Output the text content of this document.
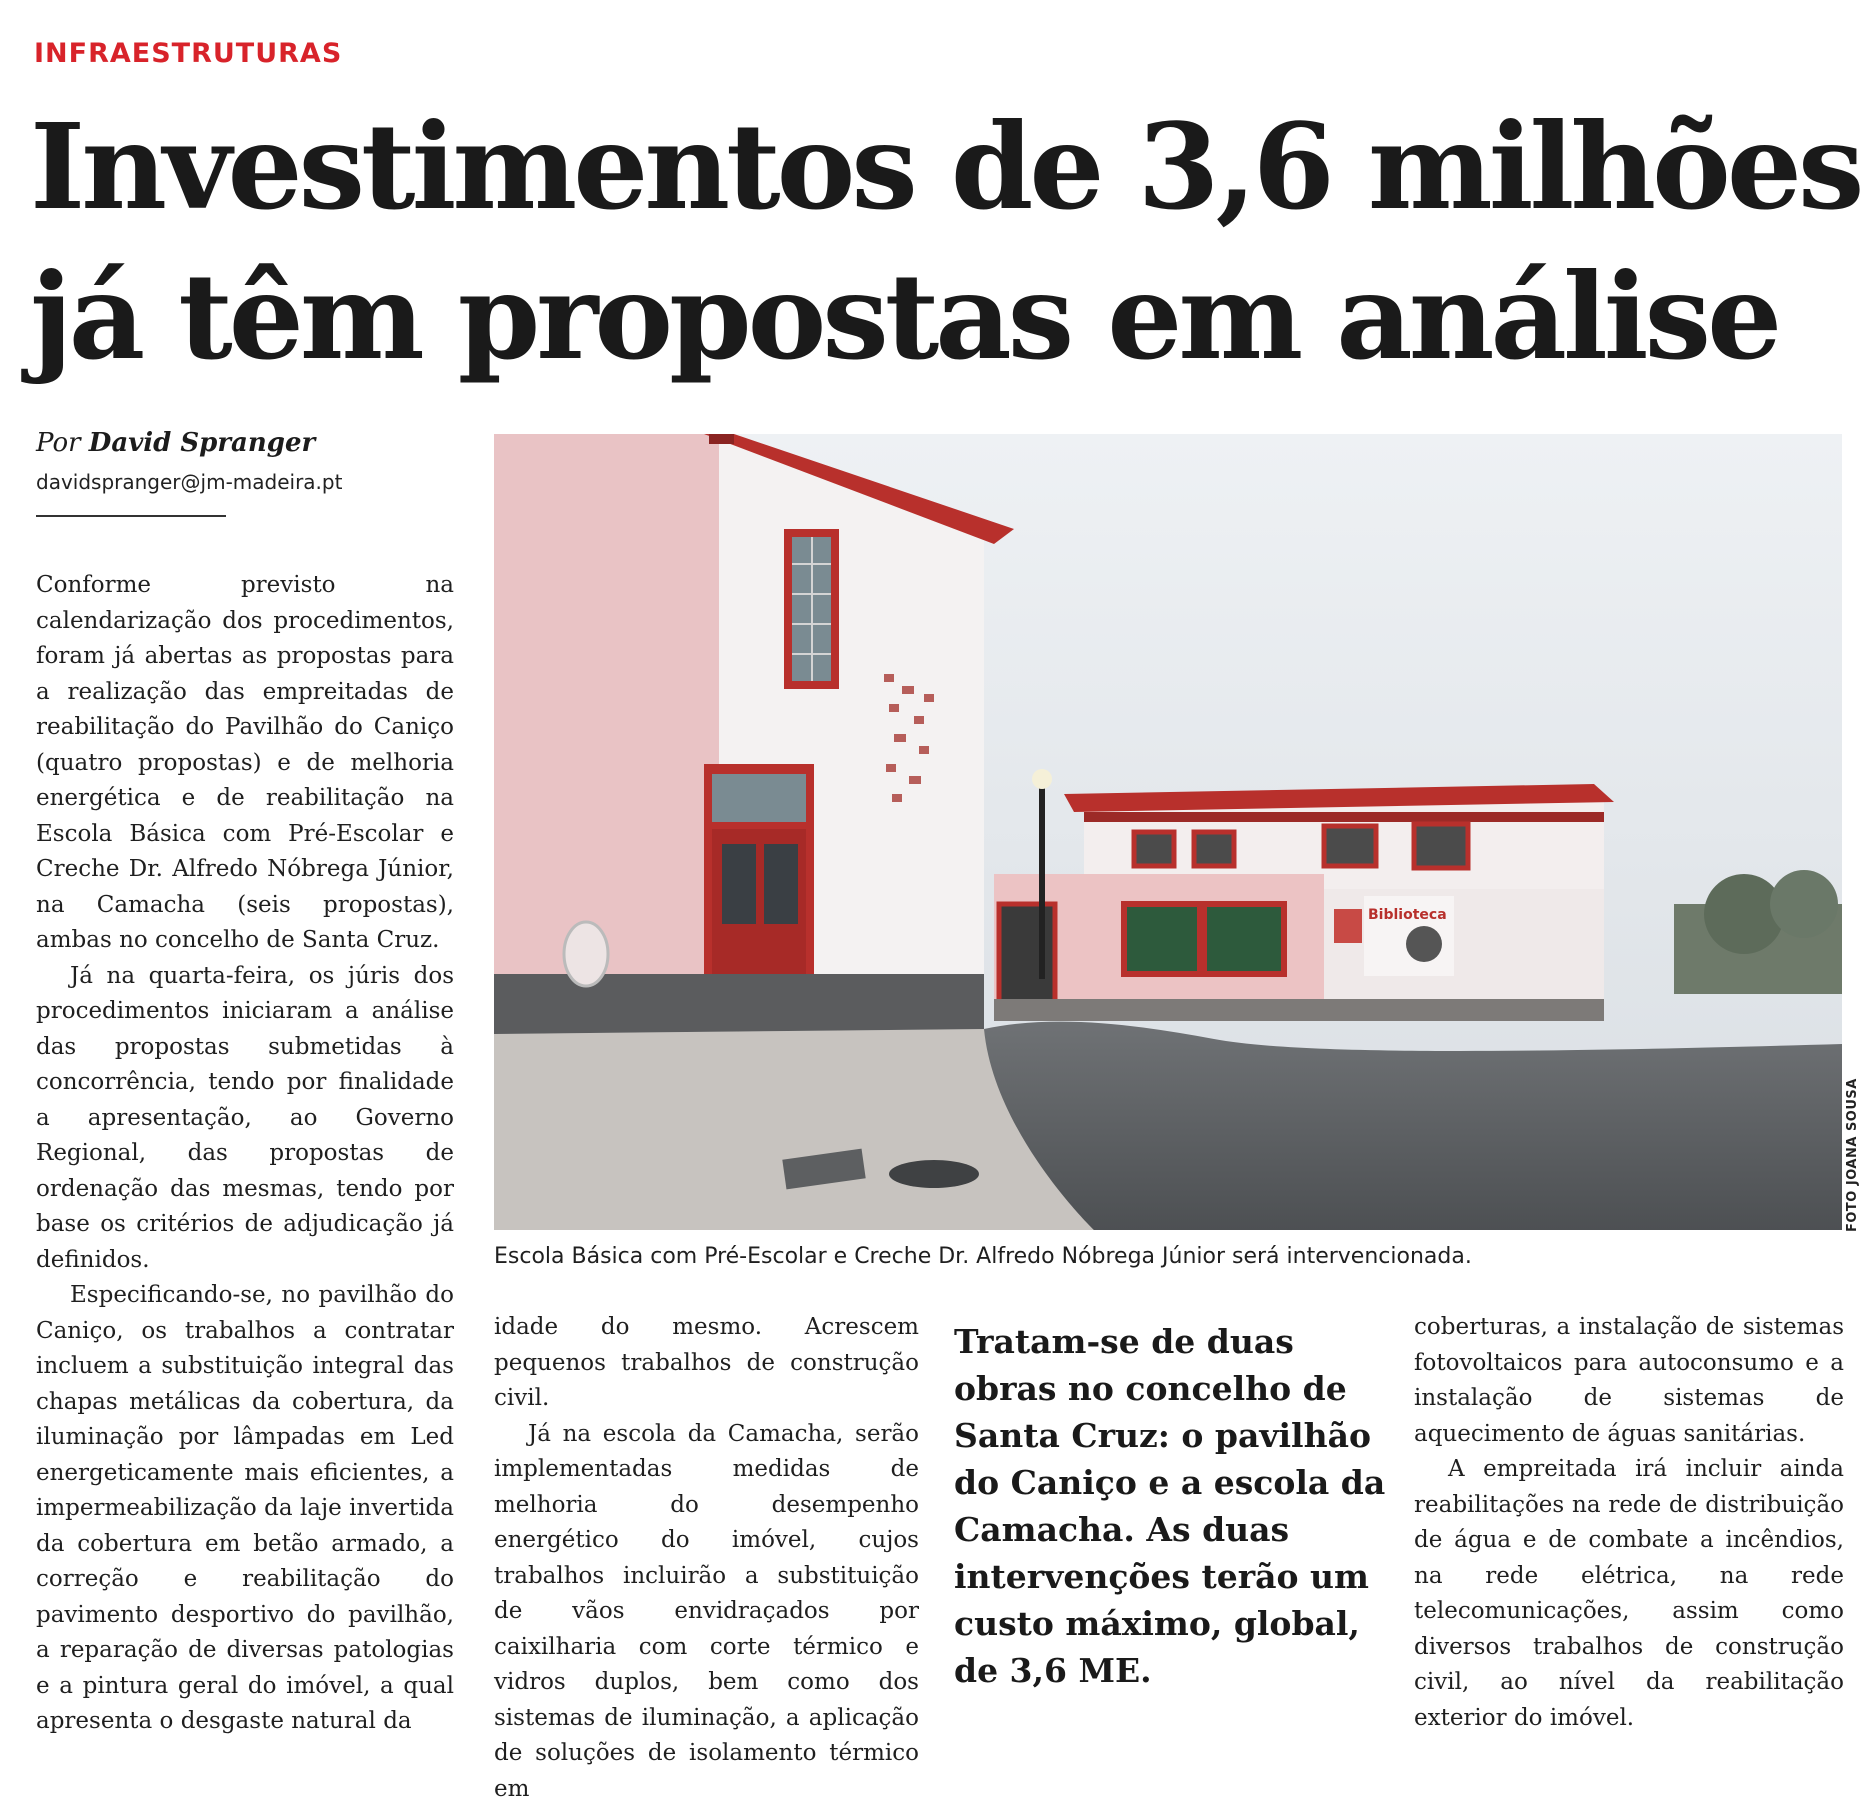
INFRAESTRUTURAS
Investimentos de 3,6 milhões
já têm propostas em análise
Por David Spranger
davidspranger@jm-madeira.pt

Conforme previsto na calendarização dos procedimentos, foram já abertas as propostas para a realização das empreitadas de reabilitação do Pavilhão do Caniço (quatro propostas) e de melhoria energética e de reabilitação na Escola Básica com Pré-Escolar e Creche Dr. Alfredo Nóbrega Júnior, na Camacha (seis propostas), ambas no concelho de Santa Cruz.

Já na quarta-feira, os júris dos procedimentos iniciaram a análise das propostas submetidas à concorrência, tendo por finalidade a apresentação, ao Governo Regional, das propostas de ordenação das mesmas, tendo por base os critérios de adjudicação já definidos.

Especificando-se, no pavilhão do Caniço, os trabalhos a contratar incluem a substituição integral das chapas metálicas da cobertura, da iluminação por lâmpadas em Led energeticamente mais eficientes, a impermeabilização da laje invertida da cobertura em betão armado, a correção e reabilitação do pavimento desportivo do pavilhão, a reparação de diversas patologias e a pintura geral do imóvel, a qual apresenta o desgaste natural da

Biblioteca
FOTO JOANA SOUSA
Escola Básica com Pré-Escolar e Creche Dr. Alfredo Nóbrega Júnior será intervencionada.

idade do mesmo. Acrescem pequenos trabalhos de construção civil.

Já na escola da Camacha, serão implementadas medidas de melhoria do desempenho energético do imóvel, cujos trabalhos incluirão a substituição de vãos envidraçados por caixilharia com corte térmico e vidros duplos, bem como dos sistemas de iluminação, a aplicação de soluções de isolamento térmico em

Tratam-se de duas obras no concelho de Santa Cruz: o pavilhão do Caniço e a escola da Camacha. As duas intervenções terão um custo máximo, global, de 3,6 ME.

coberturas, a instalação de sistemas fotovoltaicos para autoconsumo e a instalação de sistemas de aquecimento de águas sanitárias.

A empreitada irá incluir ainda reabilitações na rede de distribuição de água e de combate a incêndios, na rede elétrica, na rede telecomunicações, assim como diversos trabalhos de construção civil, ao nível da reabilitação exterior do imóvel.
